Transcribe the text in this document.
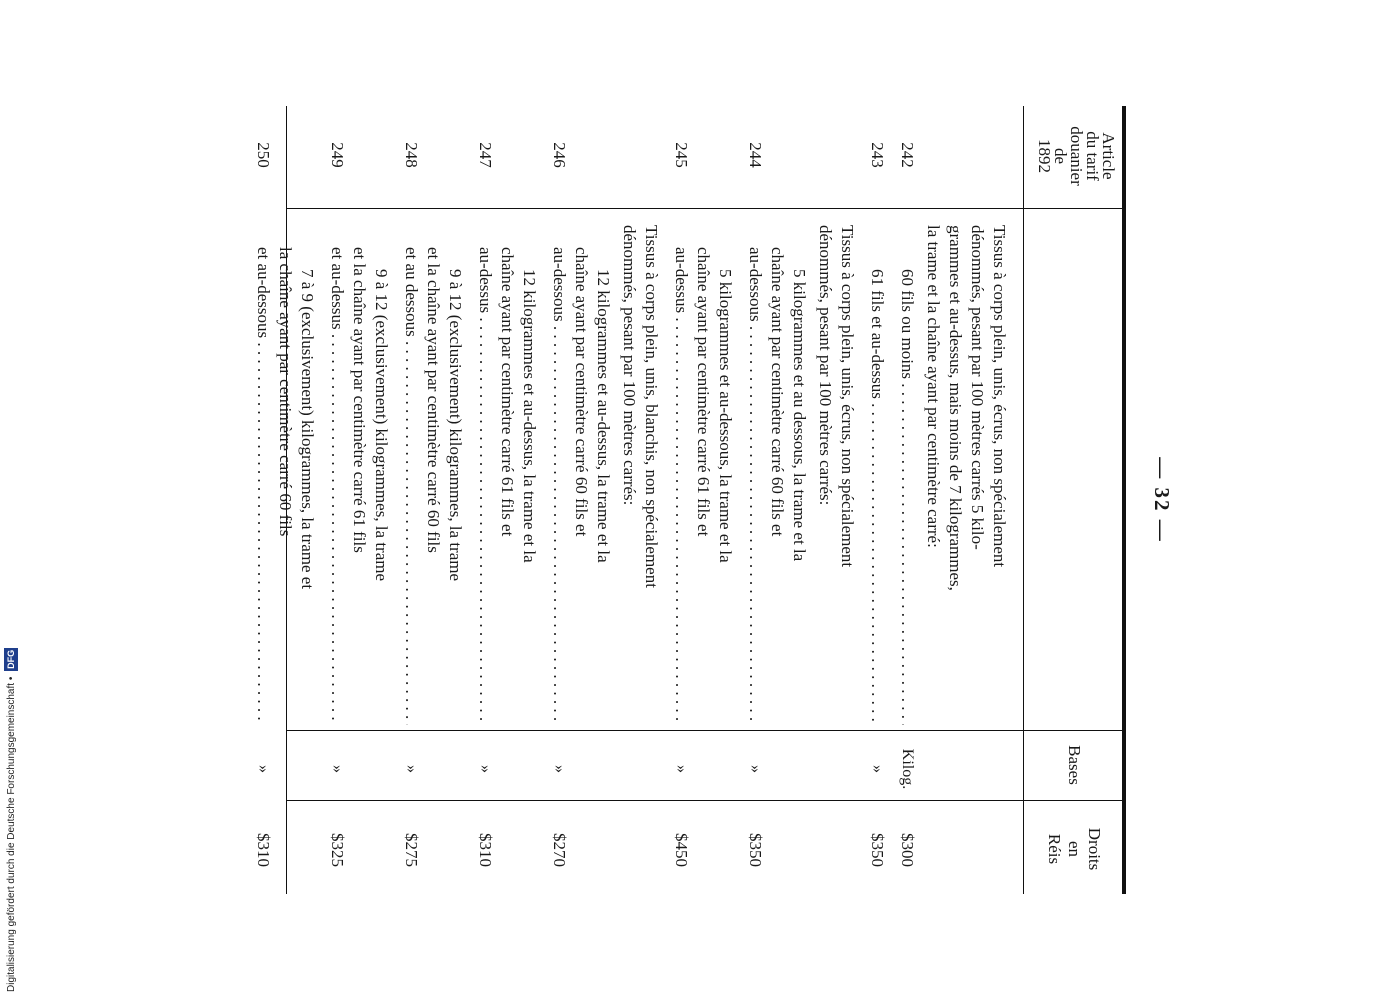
— 32 —
Article
du tarif
douanier
de
1892
Bases
Droits
en
Réis
Tissus à corps plein, unis, écrus, non spécialement
dénommés, pesant par 100 mètres carrés 5 kilo-
grammes et au-dessus, mais moins de 7 kilogrammes,
la trame et la chaîne ayant par centimètre carré:
242
60 fils ou moins . . .
Kilog.
$300
243
61 fils et au-dessus . . .
»
$350
Tissus à corps plein, unis, écrus, non spécialement
dénommés, pesant par 100 mètres carrés:
244
5 kilogrammes et au dessous, la trame et la
chaîne ayant par centimètre carré 60 fils et
au-dessous . . .
»
$350
245
5 kilogrammes et au-dessous, la trame et la
chaîne ayant par centimètre carré 61 fils et
au-dessus . . .
»
$450
Tissus à corps plein, unis, blanchis, non spécialement
dénommés, pesant par 100 mètres carrés:
246
12 kilogrammes et au-dessus, la trame et la
chaîne ayant par centimètre carré 60 fils et
au-dessous . . .
»
$270
247
12 kilogrammes et au-dessus, la trame et la
chaîne ayant par centimètre carré 61 fils et
au-dessus . . .
»
$310
248
9 à 12 (exclusivement) kilogrammes, la trame
et la chaîne ayant par centimètre carré 60 fils
et au dessous . . .
»
$275
249
9 à 12 (exclusivement) kilogrammes, la trame
et la chaîne ayant par centimètre carré 61 fils
et au-dessus . . .
»
$325
250
7 à 9 (exclusivement) kilogrammes, la trame et
la chaîne ayant par centimètre carré 60 fils
et au-dessous . . .
»
$310
Digitalisierung gefördert durch die Deutsche Forschungsgemeinschaft • DFG
